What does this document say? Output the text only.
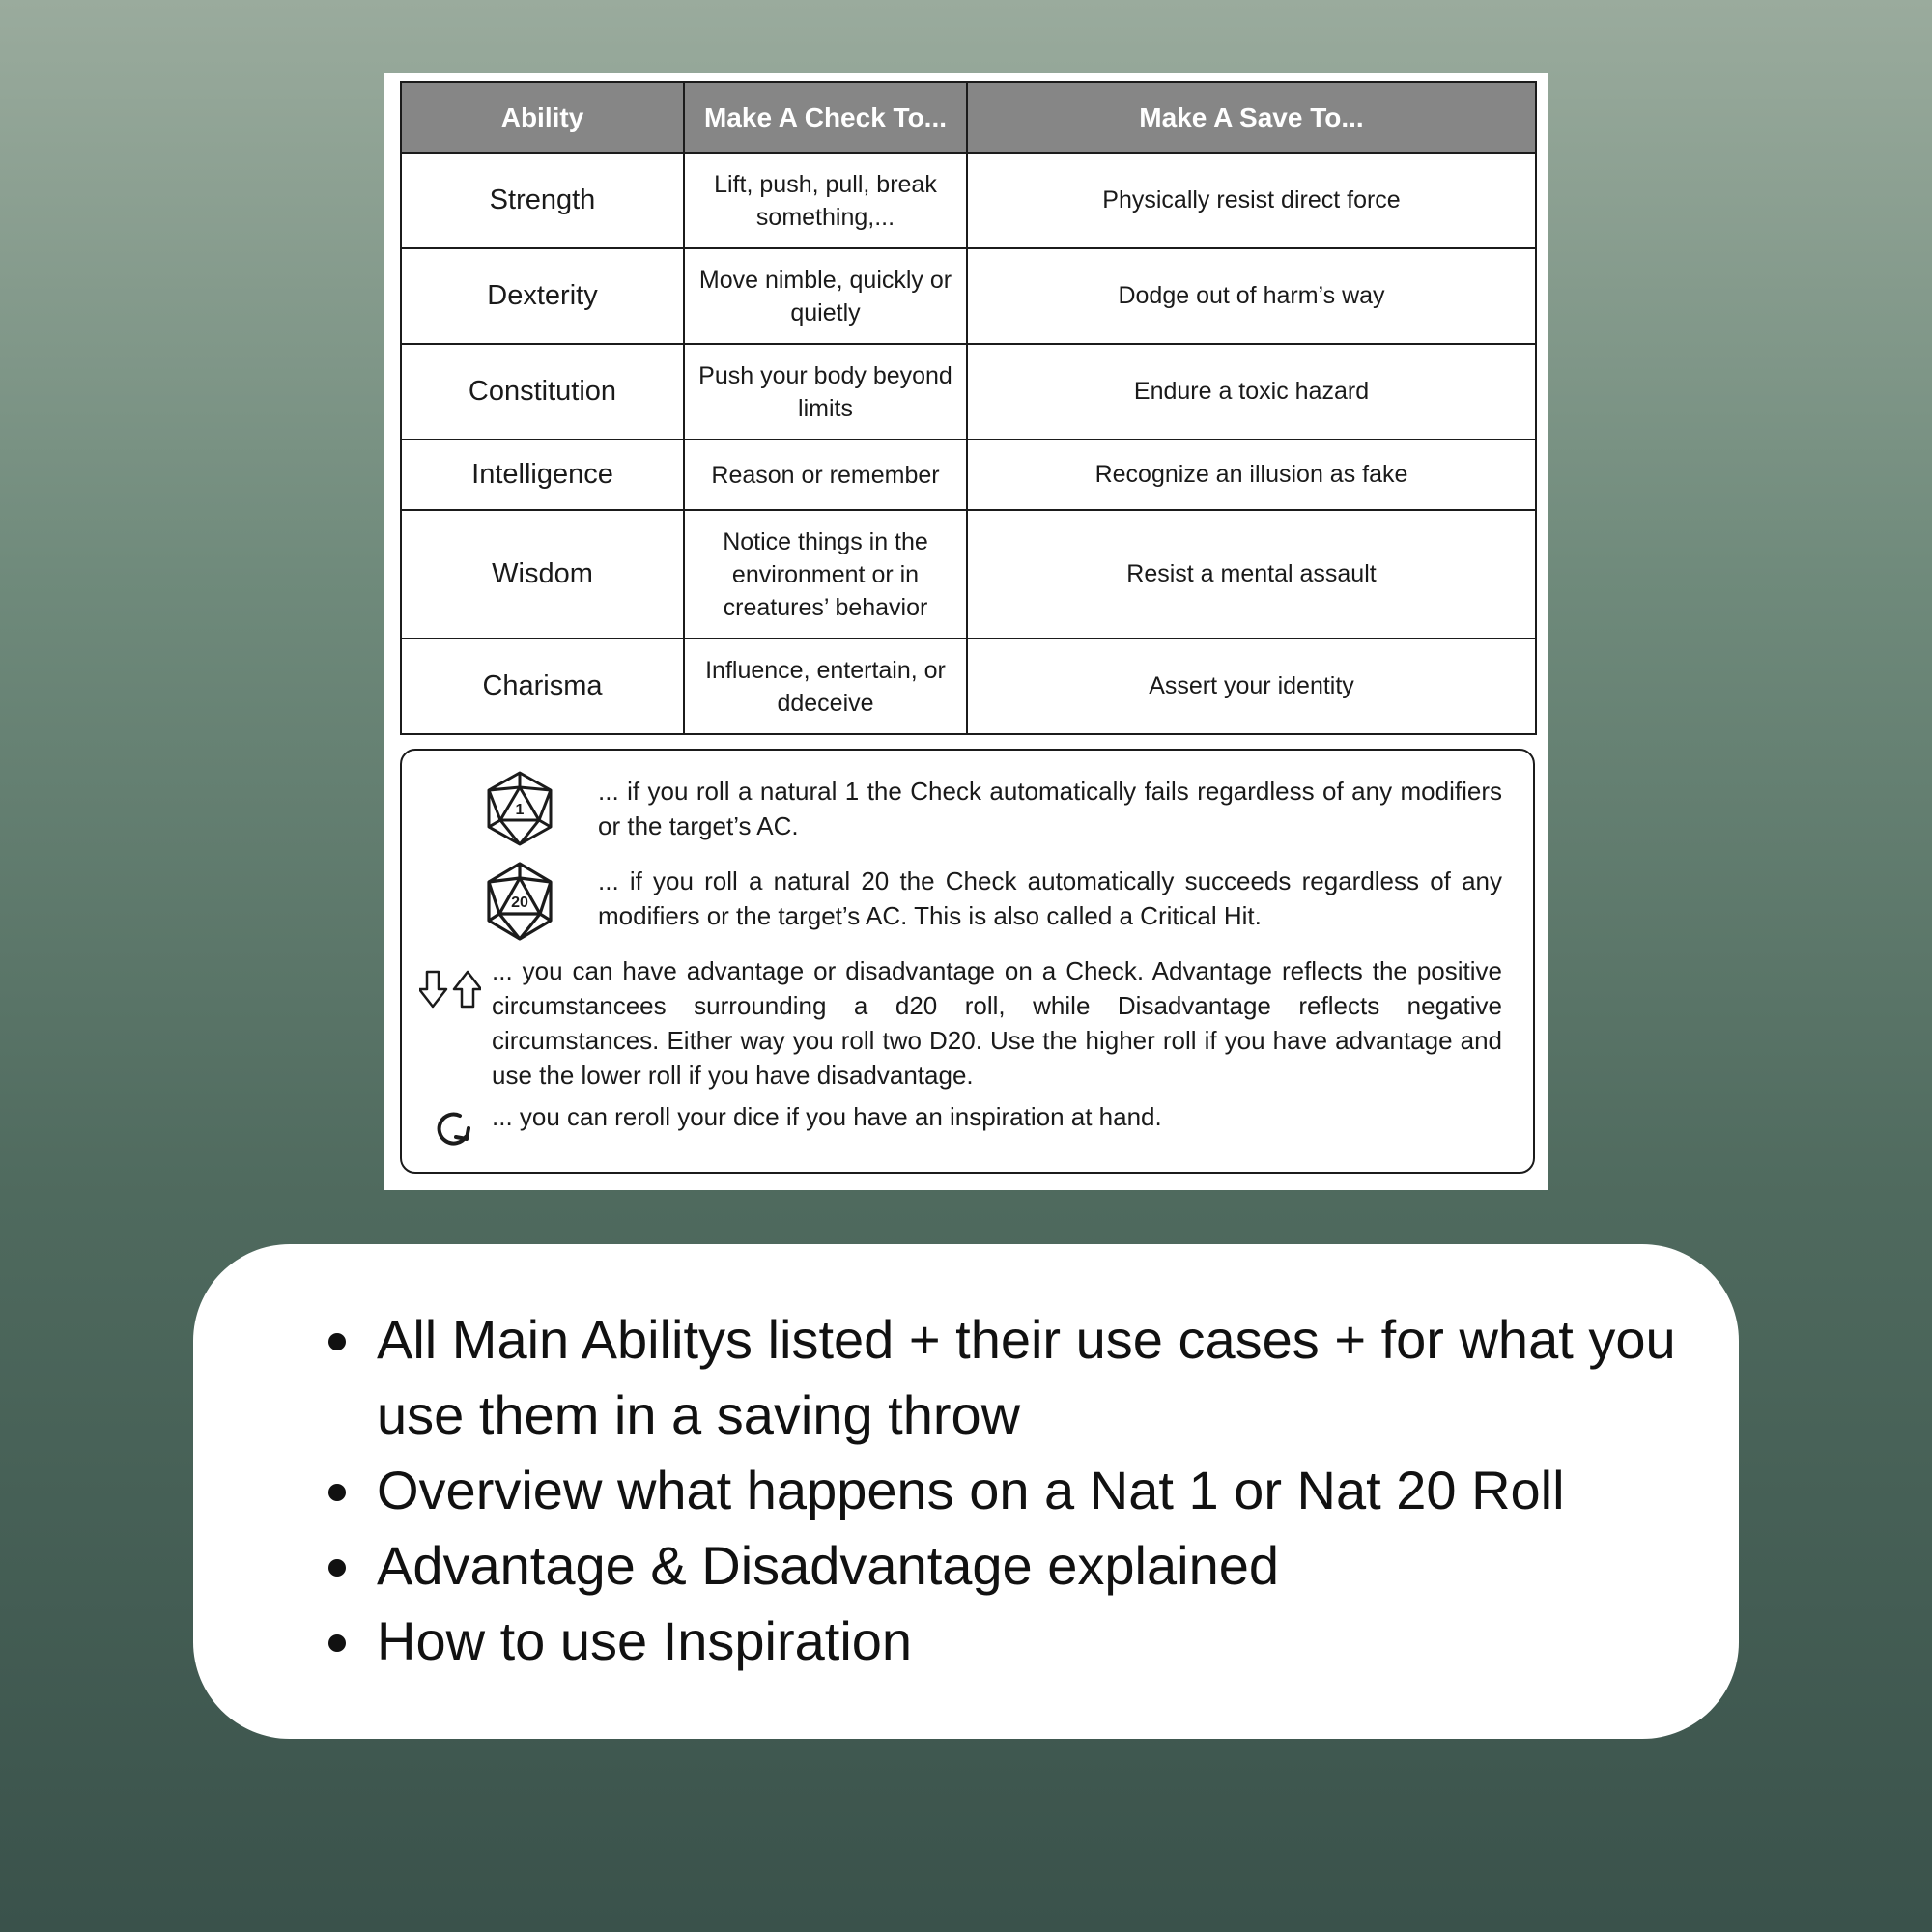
Ability	Make A Check To...	Make A Save To...
Strength	Lift, push, pull, break something,...	Physically resist direct force
Dexterity	Move nimble, quickly or quietly	Dodge out of harm’s way
Constitution	Push your body beyond limits	Endure a toxic hazard
Intelligence	Reason or remember	Recognize an illusion as fake
Wisdom	Notice things in the environment or in creatures’ behavior	Resist a mental assault
Charisma	Influence, entertain, or ddeceive	Assert your identity
1
... if you roll a natural 1 the Check automatically fails regardless of any modifiers or the target’s AC.
20
... if you roll a natural 20 the Check automatically succeeds regardless of any modifiers or the target’s AC. This is also called a Critical Hit.
... you can have advantage or disadvantage on a Check. Advantage reflects the positive circumstancees surrounding a d20 roll, while Disadvantage reflects negative circumstances. Either way you roll two D20. Use the higher roll if you have advantage and use the lower roll if you have disadvantage.
... you can reroll your dice if you have an inspiration at hand.
All Main Abilitys listed + their use cases + for what you use them in a saving throw
Overview what happens on a Nat 1 or Nat 20 Roll
Advantage & Disadvantage explained
How to use Inspiration
